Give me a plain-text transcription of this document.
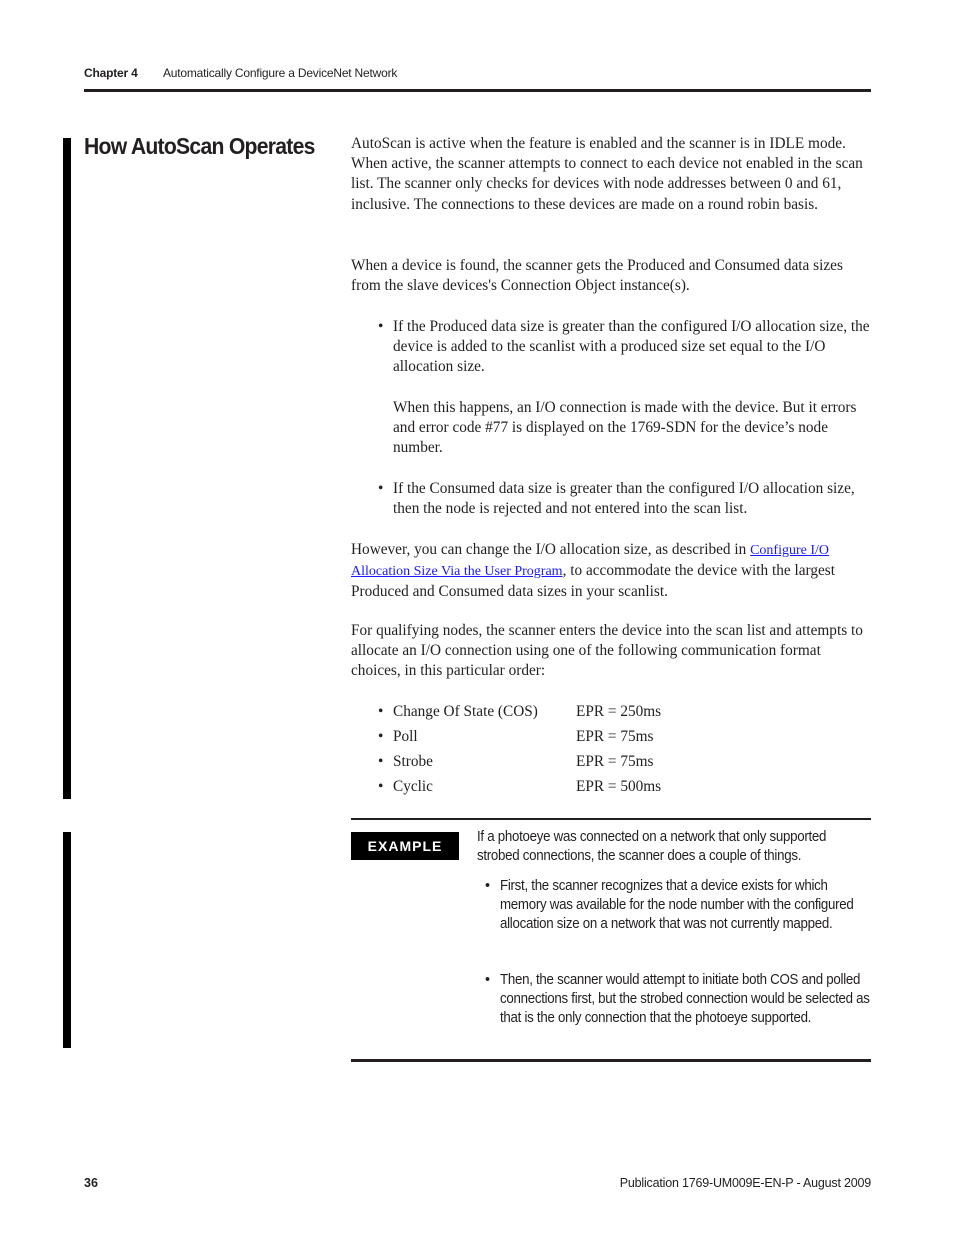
Chapter 4 Automatically Configure a DeviceNet Network
How AutoScan Operates AutoScan is active when the feature is enabled and the scanner is in IDLE mode. When active, the scanner attempts to connect to each device not enabled in the scan list. The scanner only checks for devices with node addresses between 0 and 61, inclusive. The connections to these devices are made on a round robin basis.
When a device is found, the scanner gets the Produced and Consumed data sizes from the slave devices's Connection Object instance(s).
• If the Produced data size is greater than the configured I/O allocation size, the device is added to the scanlist with a produced size set equal to the I/O allocation size.
When this happens, an I/O connection is made with the device. But it errors and error code #77 is displayed on the 1769-SDN for the device’s node number.
• If the Consumed data size is greater than the configured I/O allocation size, then the node is rejected and not entered into the scan list.
However, you can change the I/O allocation size, as described in Configure I/O Allocation Size Via the User Program, to accommodate the device with the largest Produced and Consumed data sizes in your scanlist.
For qualifying nodes, the scanner enters the device into the scan list and attempts to allocate an I/O connection using one of the following communication format choices, in this particular order:
• Change Of State (COS) EPR = 250ms
• Poll	EPR = 75ms
• Strobe	EPR = 75ms
• Cyclic	EPR = 500ms
EXAMPLE
If a photoeye was connected on a network that only supported strobed connections, the scanner does a couple of things.
• First, the scanner recognizes that a device exists for which memory was available for the node number with the configured allocation size on a network that was not currently mapped.
• Then, the scanner would attempt to initiate both COS and polled connections first, but the strobed connection would be selected as that is the only connection that the photoeye supported.
36	Publication 1769-UM009E-EN-P - August 2009
